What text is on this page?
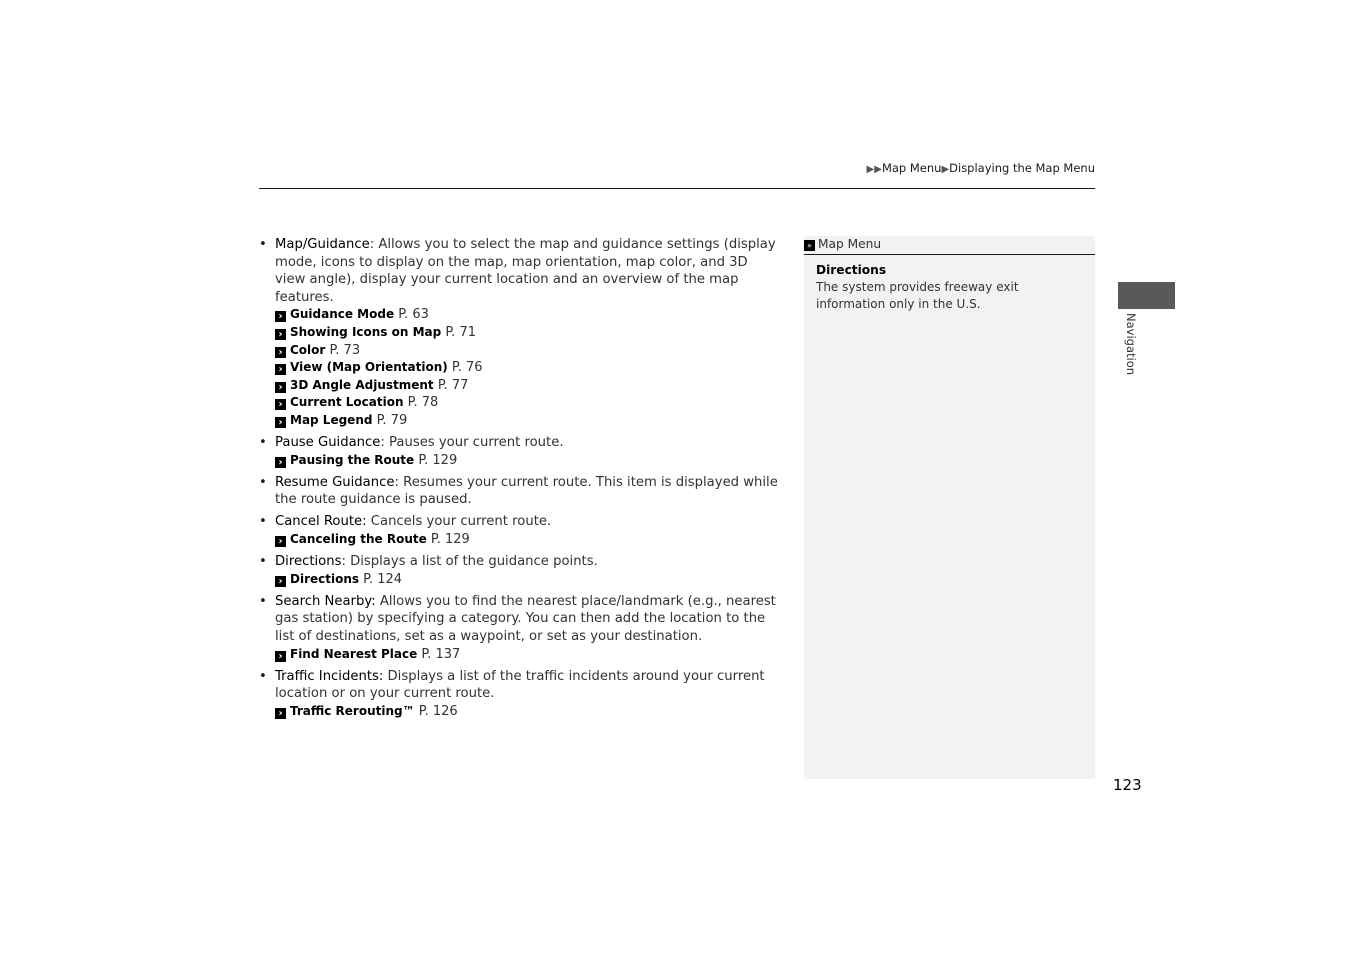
▶▶Map Menu▶Displaying the Map Menu
• Map/Guidance: Allows you to select the map and guidance settings (display mode, icons to display on the map, map orientation, map color, and 3D view angle), display your current location and an overview of the map features.
› Guidance Mode P. 63
› Showing Icons on Map P. 71
› Color P. 73
› View (Map Orientation) P. 76
› 3D Angle Adjustment P. 77
› Current Location P. 78
› Map Legend P. 79
• Pause Guidance: Pauses your current route.
› Pausing the Route P. 129
• Resume Guidance: Resumes your current route. This item is displayed while the route guidance is paused.
• Cancel Route: Cancels your current route.
› Canceling the Route P. 129
• Directions: Displays a list of the guidance points.
› Directions P. 124
• Search Nearby: Allows you to find the nearest place/landmark (e.g., nearest gas station) by specifying a category. You can then add the location to the list of destinations, set as a waypoint, or set as your destination.
› Find Nearest Place P. 137
• Traffic Incidents: Displays a list of the traffic incidents around your current location or on your current route.
› Traffic Rerouting™ P. 126
» Map Menu
Directions
The system provides freeway exit information only in the U.S.
Navigation
123
